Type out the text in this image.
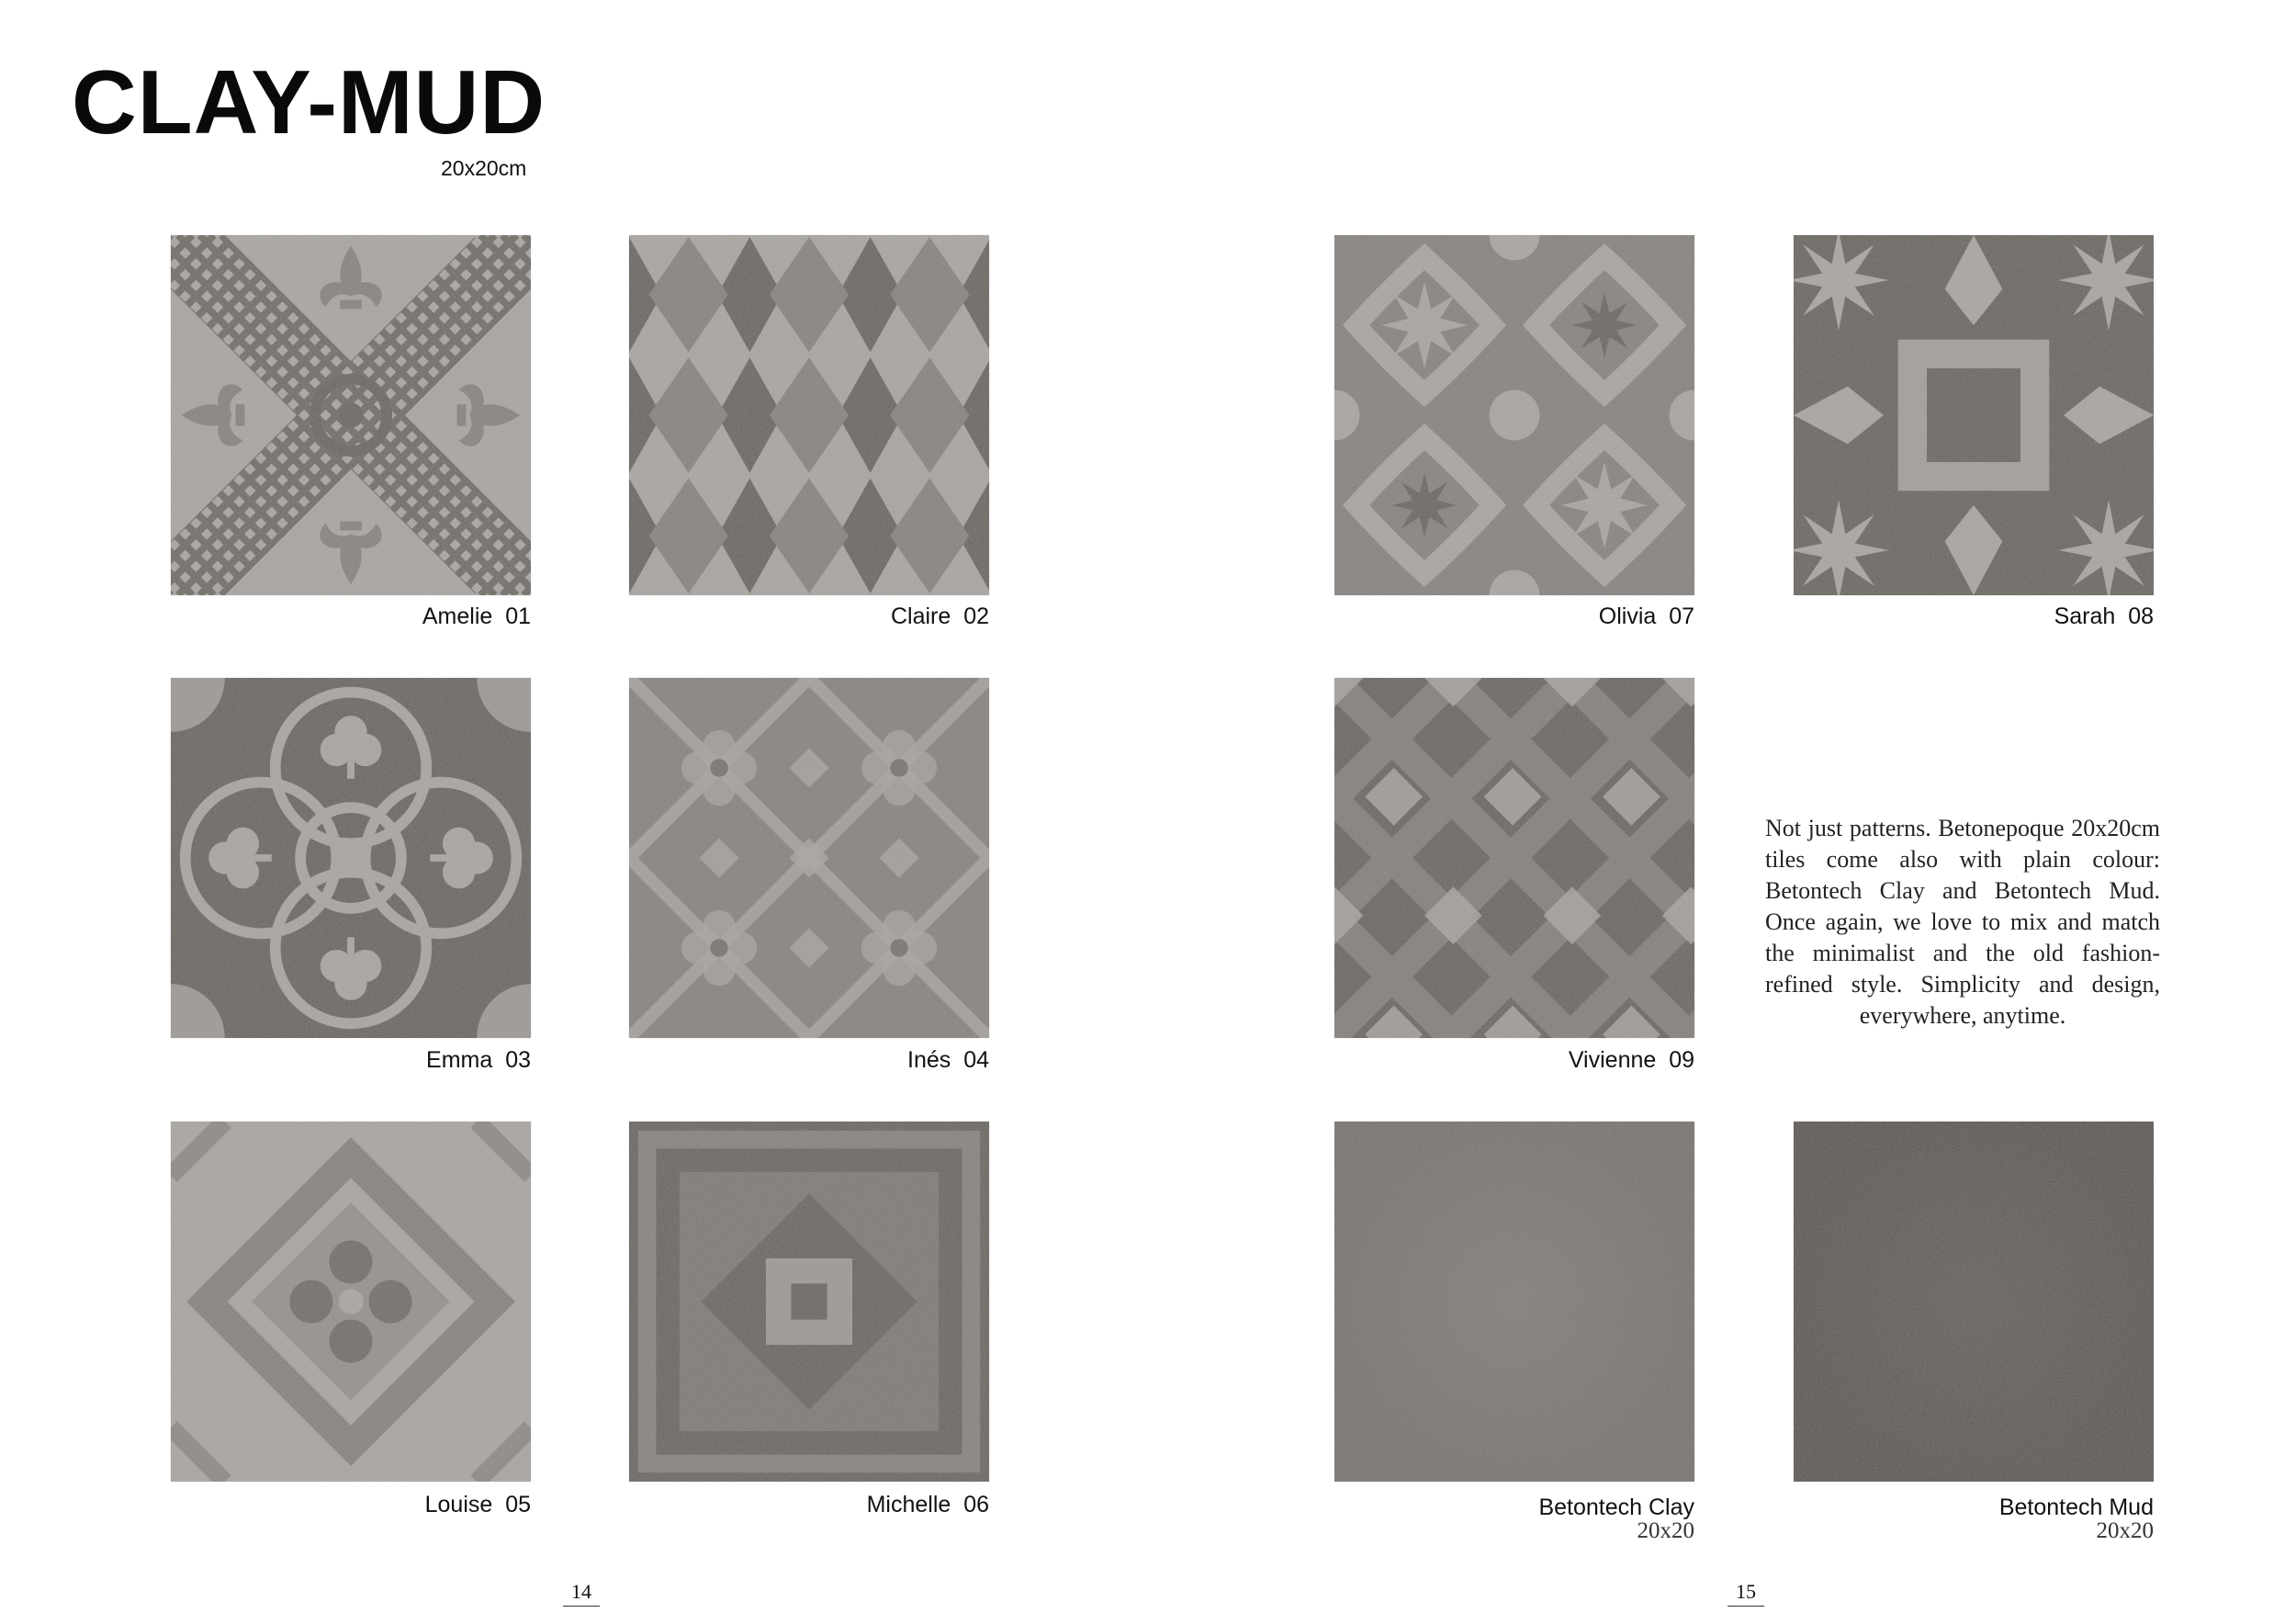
CLAY-MUD
20x20cm
Amelie 01	Claire 02
Emma 03	Inés 04
Louise 05	Michelle 06
Olivia 07	Sarah 08
Vivienne 09
Not just patterns. Betonepoque 20x20cm tiles come also with plain colour: Betontech Clay and Betontech Mud. Once again, we love to mix and match the minimalist and the old fashion-refined style. Simplicity and design, everywhere, anytime.
Betontech Clay
20x20
Betontech Mud
20x20
14	15
